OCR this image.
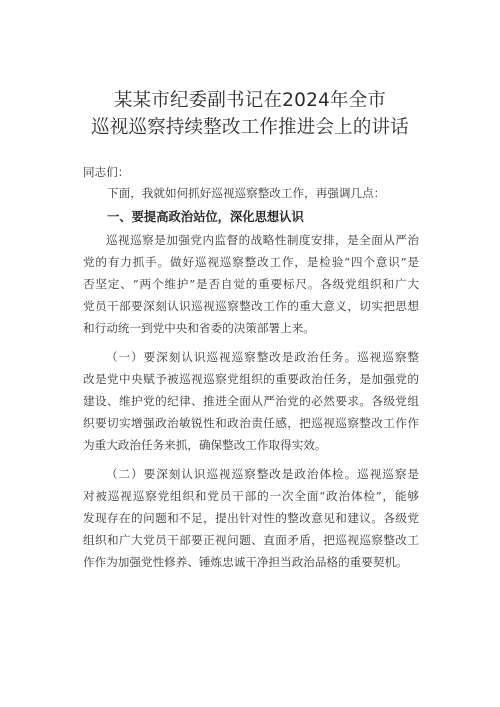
某某市纪委副书记在2024年全市
巡视巡察持续整改工作推进会上的讲话
同志们：
下面，我就如何抓好巡视巡察整改工作，再强调几点：
一、要提高政治站位，深化思想认识
巡视巡察是加强党内监督的战略性制度安排，是全面从严治
党的有力抓手。做好巡视巡察整改工作，是检验“四个意识”是
否坚定、“两个维护”是否自觉的重要标尺。各级党组织和广大
党员干部要深刻认识巡视巡察整改工作的重大意义，切实把思想
和行动统一到党中央和省委的决策部署上来。
（一）要深刻认识巡视巡察整改是政治任务。巡视巡察整
改是党中央赋予被巡视巡察党组织的重要政治任务，是加强党的
建设、维护党的纪律、推进全面从严治党的必然要求。各级党组
织要切实增强政治敏锐性和政治责任感，把巡视巡察整改工作作
为重大政治任务来抓，确保整改工作取得实效。
（二）要深刻认识巡视巡察整改是政治体检。巡视巡察是
对被巡视巡察党组织和党员干部的一次全面“政治体检”，能够
发现存在的问题和不足，提出针对性的整改意见和建议。各级党
组织和广大党员干部要正视问题、直面矛盾，把巡视巡察整改工
作作为加强党性修养、锤炼忠诚干净担当政治品格的重要契机。
